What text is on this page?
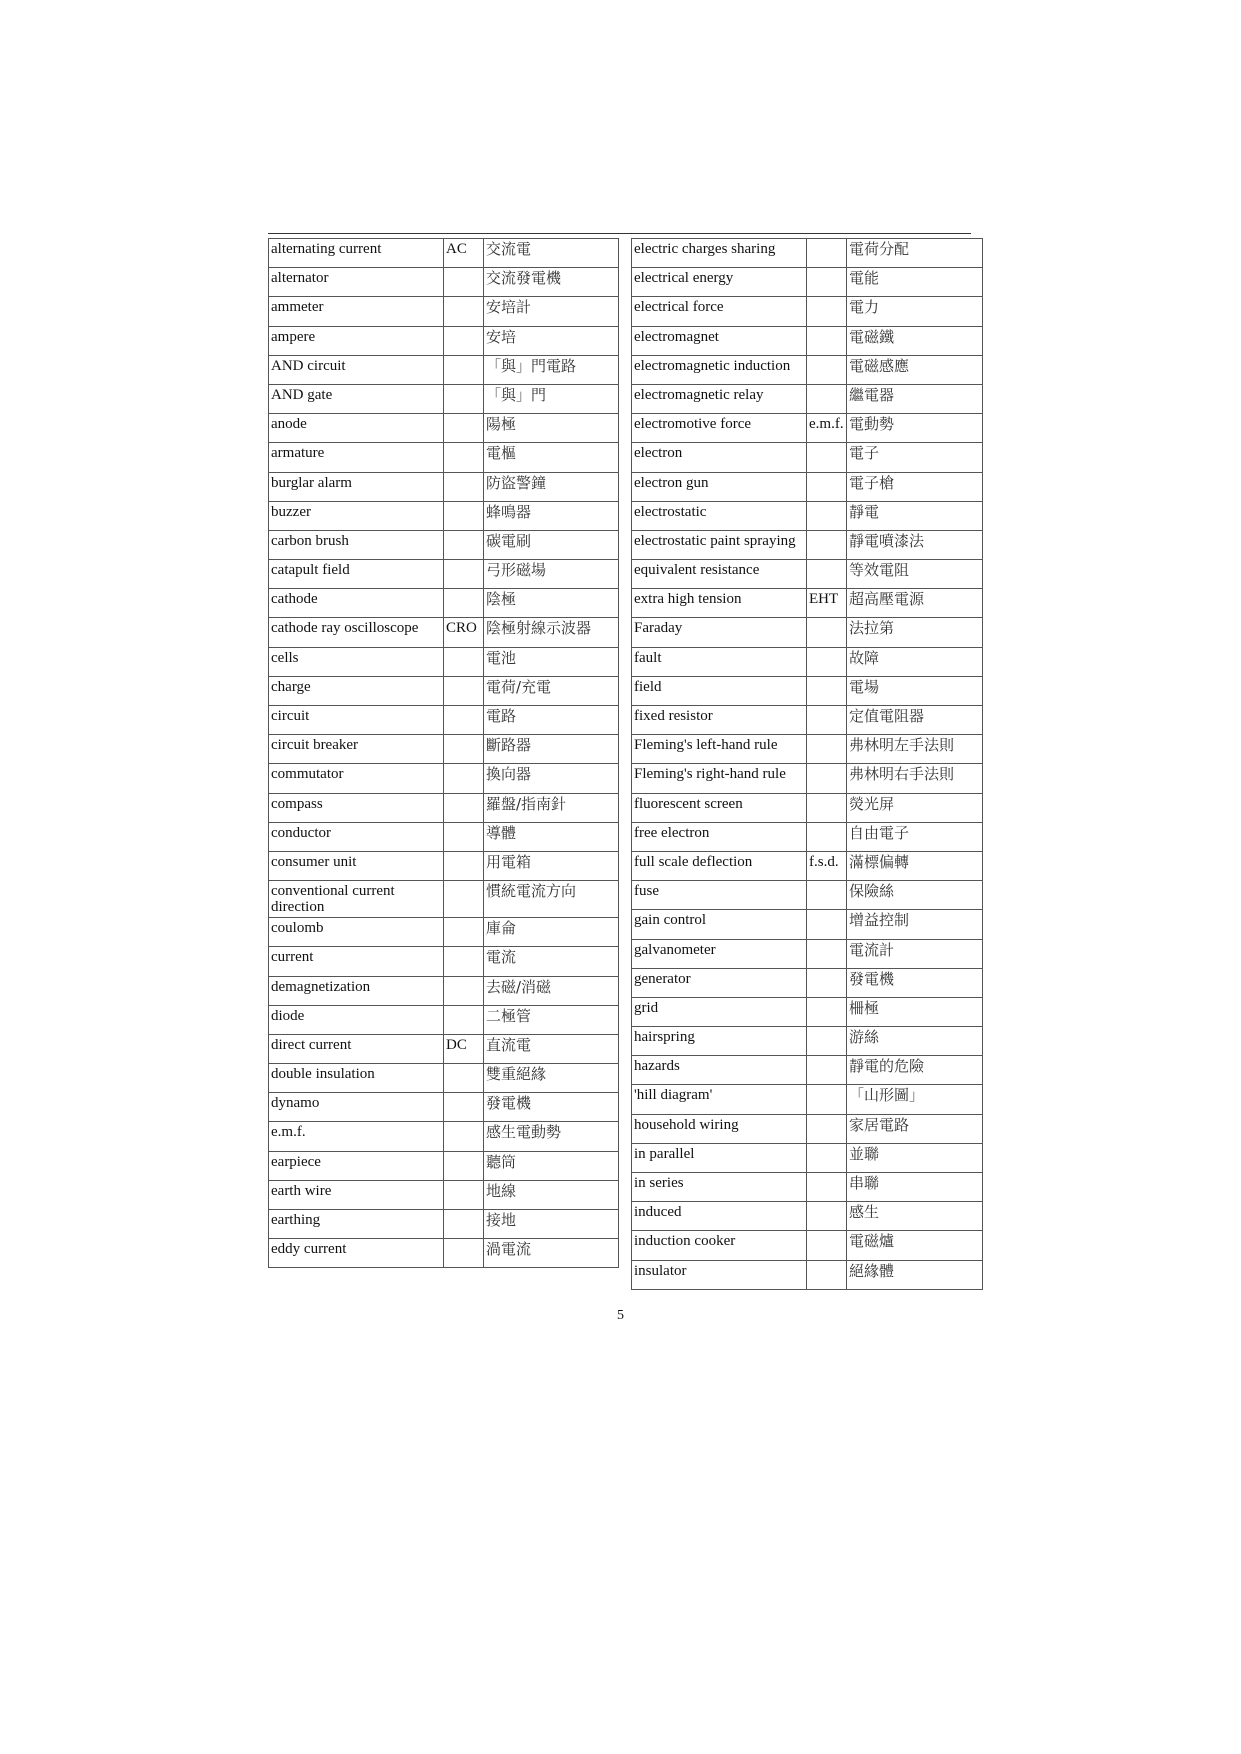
alternating current	AC	交流電
alternator		交流發電機
ammeter		安培計
ampere		安培
AND circuit		「與」門電路
AND gate		「與」門
anode		陽極
armature		電樞
burglar alarm		防盜警鐘
buzzer		蜂鳴器
carbon brush		碳電刷
catapult field		弓形磁場
cathode		陰極
cathode ray oscilloscope	CRO	陰極射線示波器
cells		電池
charge		電荷/充電
circuit		電路
circuit breaker		斷路器
commutator		換向器
compass		羅盤/指南針
conductor		導體
consumer unit		用電箱
conventional current direction		慣統電流方向
coulomb		庫侖
current		電流
demagnetization		去磁/消磁
diode		二極管
direct current	DC	直流電
double insulation		雙重絕緣
dynamo		發電機
e.m.f.		感生電動勢
earpiece		聽筒
earth wire		地線
earthing		接地
eddy current		渦電流
electric charges sharing		電荷分配
electrical energy		電能
electrical force		電力
electromagnet		電磁鐵
electromagnetic induction		電磁感應
electromagnetic relay		繼電器
electromotive force	e.m.f.	電動勢
electron		電子
electron gun		電子槍
electrostatic		靜電
electrostatic paint spraying		靜電噴漆法
equivalent resistance		等效電阻
extra high tension	EHT	超高壓電源
Faraday		法拉第
fault		故障
field		電場
fixed resistor		定值電阻器
Fleming's left-hand rule		弗林明左手法則
Fleming's right-hand rule		弗林明右手法則
fluorescent screen		熒光屏
free electron		自由電子
full scale deflection	f.s.d.	滿標偏轉
fuse		保險絲
gain control		增益控制
galvanometer		電流計
generator		發電機
grid		柵極
hairspring		游絲
hazards		靜電的危險
'hill diagram'		「山形圖」
household wiring		家居電路
in parallel		並聯
in series		串聯
induced		感生
induction cooker		電磁爐
insulator		絕緣體
5
